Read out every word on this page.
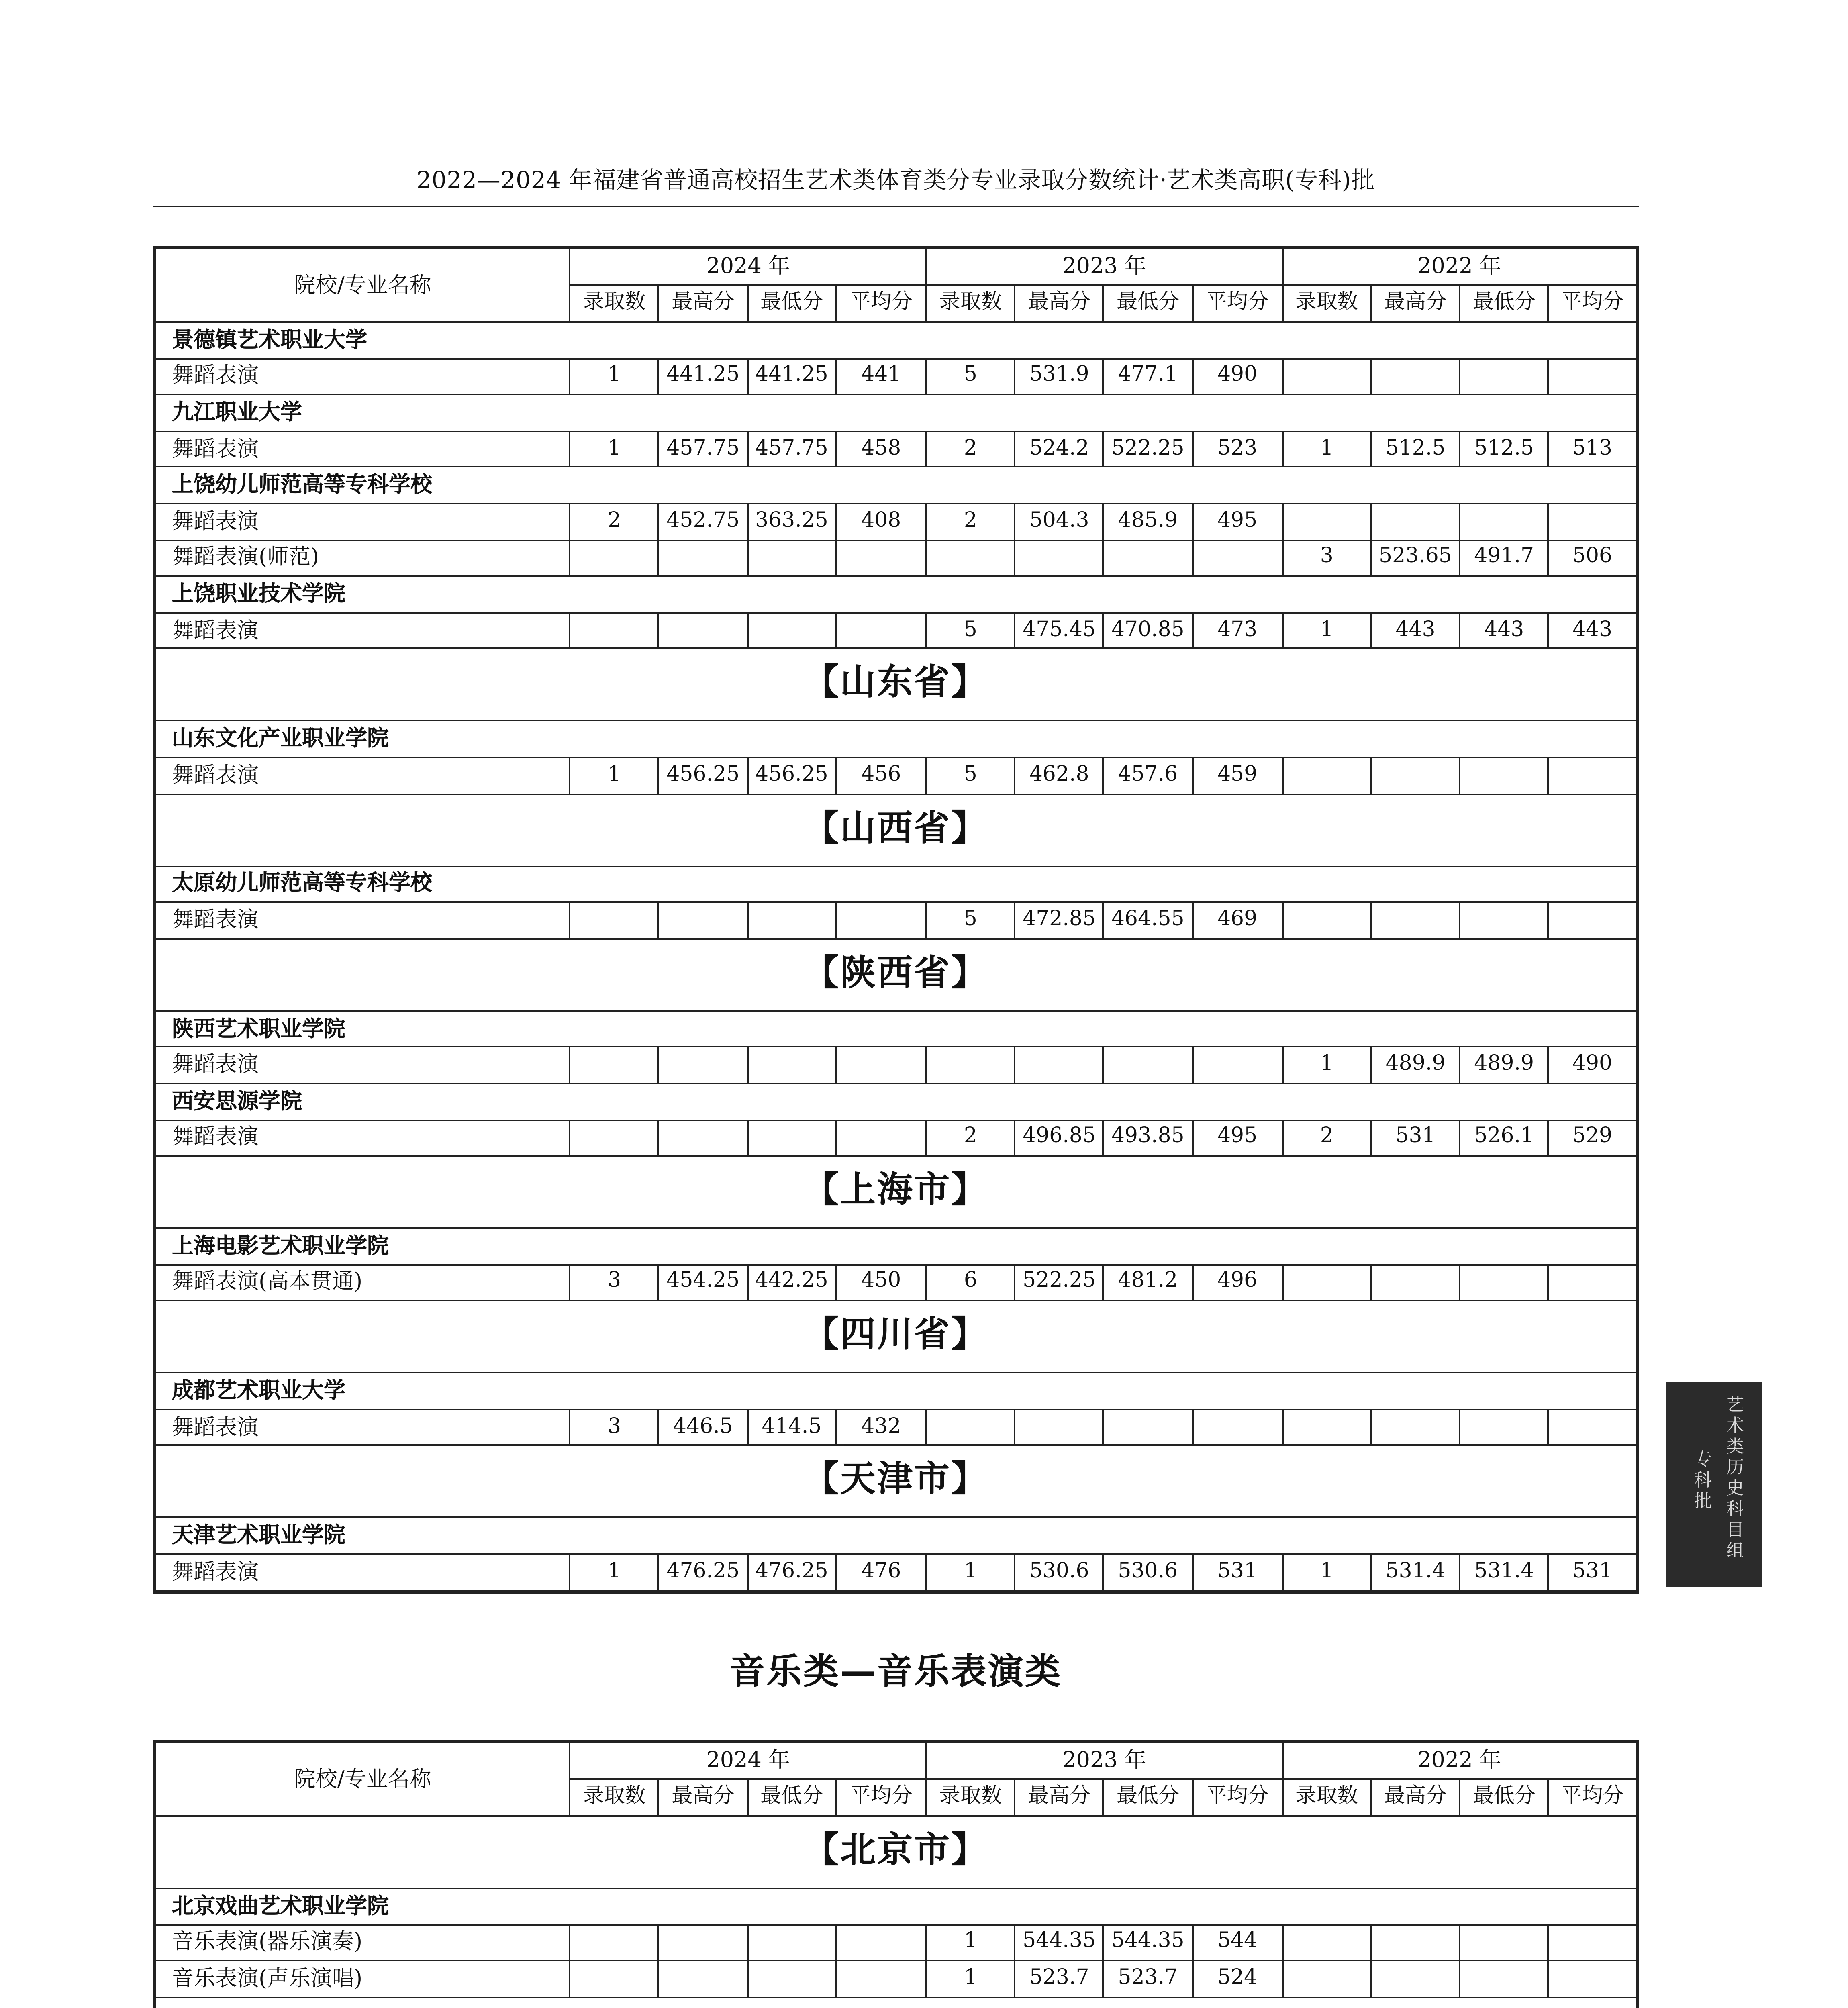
2022—2024 年福建省普通高校招生艺术类体育类分专业录取分数统计·艺术类高职(专科)批
院校/专业名称	2024 年				2023 年				2022 年			
	录取数	最高分	最低分	平均分	录取数	最高分	最低分	平均分	录取数	最高分	最低分	平均分
景德镇艺术职业大学												
舞蹈表演	1	441.25	441.25	441	5	531.9	477.1	490				
九江职业大学												
舞蹈表演	1	457.75	457.75	458	2	524.2	522.25	523	1	512.5	512.5	513
上饶幼儿师范高等专科学校												
舞蹈表演	2	452.75	363.25	408	2	504.3	485.9	495				
舞蹈表演(师范)									3	523.65	491.7	506
上饶职业技术学院												
舞蹈表演					5	475.45	470.85	473	1	443	443	443
【山东省】												
山东文化产业职业学院												
舞蹈表演	1	456.25	456.25	456	5	462.8	457.6	459				
【山西省】												
太原幼儿师范高等专科学校												
舞蹈表演					5	472.85	464.55	469				
【陕西省】												
陕西艺术职业学院												
舞蹈表演									1	489.9	489.9	490
西安思源学院												
舞蹈表演					2	496.85	493.85	495	2	531	526.1	529
【上海市】												
上海电影艺术职业学院												
舞蹈表演(高本贯通)	3	454.25	442.25	450	6	522.25	481.2	496				
【四川省】												
成都艺术职业大学												
舞蹈表演	3	446.5	414.5	432								
【天津市】												
天津艺术职业学院												
舞蹈表演	1	476.25	476.25	476	1	530.6	530.6	531	1	531.4	531.4	531
音乐类—音乐表演类
院校/专业名称	2024 年				2023 年				2022 年			
	录取数	最高分	最低分	平均分	录取数	最高分	最低分	平均分	录取数	最高分	最低分	平均分
【北京市】												
北京戏曲艺术职业学院												
音乐表演(器乐演奏)					1	544.35	544.35	544				
音乐表演(声乐演唱)					1	523.7	523.7	524				

艺术类历史科目组
专科批
